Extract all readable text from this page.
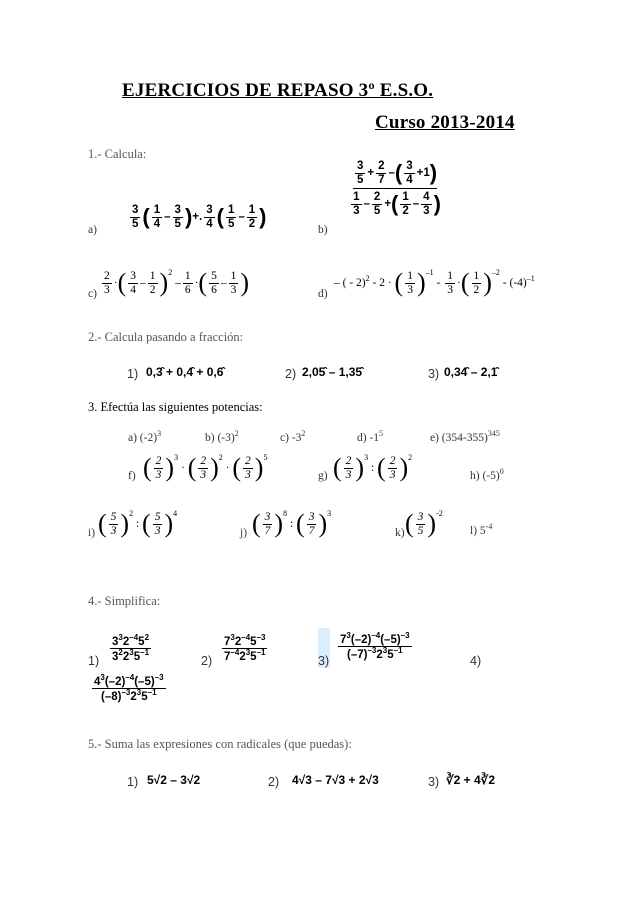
EJERCICIOS DE REPASO 3º E.S.O.
Curso 2013-2014
1.- Calcula:
a)	$\frac{3}{5}$ ( $\frac{1}{4} - \frac{3}{5}$ ) +. $\frac{3}{4}$ ( $\frac{1}{5} - \frac{1}{2}$ )
b)
$\frac{3}{5} + \frac{2}{7}$ – ( $\frac{3}{4} +1$ )
$\frac{1}{3} - \frac{2}{5}$ + ( $\frac{1}{2} - \frac{4}{3}$ )
$c) \frac{2}{3}$ · ( $\frac{3}{4} - \frac{1}{2} )^2$
– $\frac{1}{6}$ · ( $\frac{5}{6} - \frac{1}{3}$ )	d)
– ( - 2)$^2$
- 2 ·
( $\frac{1}{3} )^{-1}$
- $\frac{1}{3}$ · ( $\frac{1}{2} )^{-2}$

- $(-4)^{-1}$
2.- Calcula pasando a fracción:
1) 0,3̂ + 0,4̂ + 0,6̂	2) 2,05̂ – 1,35̂	3) 0,34̂ – 2,1̂
3. Efectúa las siguientes potencias:
a) $(-2)^3$	b) $(-3)^2$	c) $-3^2$	d) $-1^5$	e) $(354-355)^{345}$
f) ( $\frac{2}{3} )^3$
· ( $\frac{2}{3} )^2$
· ( $\frac{2}{3} )^5$
g) ( $\frac{2}{3} )^3$
: ( $\frac{2}{3} )^2$
h) $(-5)^0$
i) ( $\frac{5}{3} )^2$
: ( $\frac{5}{3} )^4$
j) ( $\frac{3}{7} )^8$
: ( $\frac{3}{7} )^3$
k) ( $\frac{3}{5} )^{-2}$
l) $5^{-4}$
4.- Simplifica:
$1) \frac{3^32^{-4}5^2}{3^22^35^{-1}}$	$2) \frac{7^32^{-4}5^{-3}}{7^{-4}2^35^{-1}}$	$3) \frac{7^3(-2)^{-4}(-5)^{-3}}{(-7)^{-3}2^35^{-1}}$	4)
$\frac{4^3(-2)^{-4}(-5)^{-3}}{(-8)^{-3}2^35^{-1}}$
5.- Suma las expresiones con radicales (que puedas):
1) 5√2 – 3√2	2) 4√3 – 7√3 + 2√3	3) ∛2 + 4∛2
